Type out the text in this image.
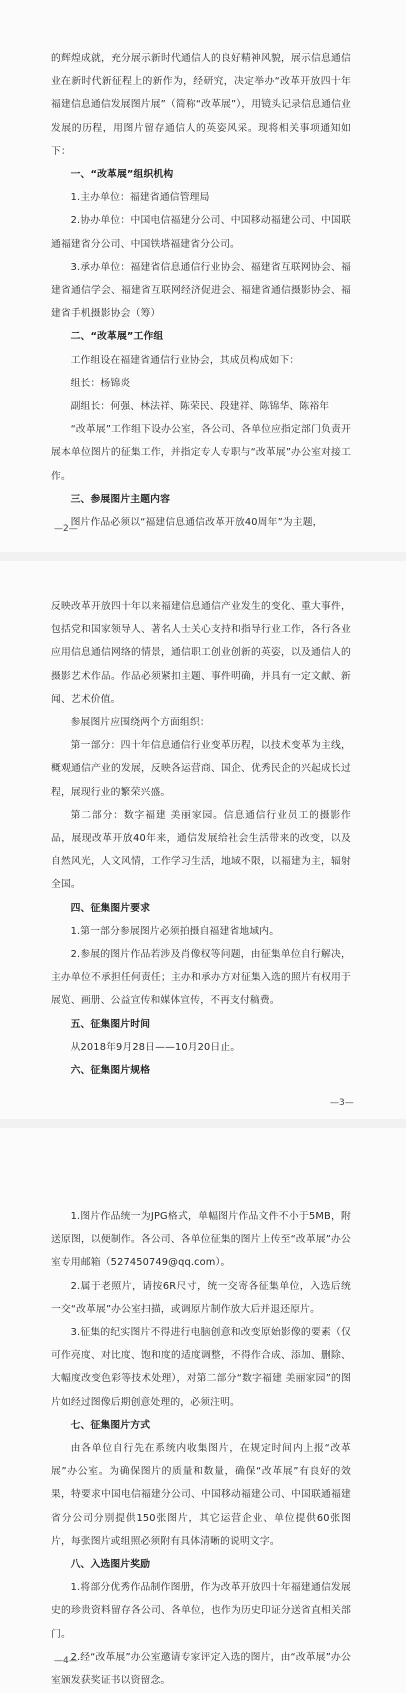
的辉煌成就，充分展示新时代通信人的良好精神风貌，展示信息通信业在新时代新征程上的新作为，经研究，决定举办“改革开放四十年福建信息通信发展图片展”（简称“改革展”），用镜头记录信息通信业发展的历程，用图片留存通信人的英姿风采。现将相关事项通知如下：

一、“改革展”组织机构

1.主办单位：福建省通信管理局

2.协办单位：中国电信福建分公司、中国移动福建公司、中国联通福建省分公司、中国铁塔福建省分公司。

3.承办单位：福建省信息通信行业协会、福建省互联网协会、福建省通信学会、福建省互联网经济促进会、福建省通信摄影协会、福建省手机摄影协会（筹）

二、“改革展”工作组

工作组设在福建省通信行业协会，其成员构成如下：

组长：杨锦炎

副组长：何强、林法祥、陈荣民、段建祥、陈锦华、陈裕年

“改革展”工作组下设办公室，各公司、各单位应指定部门负责开展本单位图片的征集工作，并指定专人专职与“改革展”办公室对接工作。

三、参展图片主题内容

图片作品必须以“福建信息通信改革开放40周年”为主题，

—2—

反映改革开放四十年以来福建信息通信产业发生的变化、重大事件，包括党和国家领导人、著名人士关心支持和指导行业工作，各行各业应用信息通信网络的情景，通信职工创业创新的英姿，以及通信人的摄影艺术作品。作品必须紧扣主题、事件明确，并具有一定文献、新闻、艺术价值。

参展图片应围绕两个方面组织：

第一部分：四十年信息通信行业变革历程，以技术变革为主线，概观通信产业的发展，反映各运营商、国企、优秀民企的兴起成长过程，展现行业的繁荣兴盛。

第二部分：数字福建 美丽家园。信息通信行业员工的摄影作品，展现改革开放40年来，通信发展给社会生活带来的改变，以及自然风光，人文风情，工作学习生活，地域不限，以福建为主，辐射全国。

四、征集图片要求

1.第一部分参展图片必须拍摄自福建省地域内。

2.参展的图片作品若涉及肖像权等问题，由征集单位自行解决，主办单位不承担任何责任；主办和承办方对征集入选的照片有权用于展览、画册、公益宣传和媒体宣传，不再支付稿费。

五、征集图片时间

从2018年9月28日——10月20日止。

六、征集图片规格

—3—

1.图片作品统一为JPG格式，单幅图片作品文件不小于5MB，附送原图，以便制作。各公司、各单位征集的图片上传至“改革展”办公室专用邮箱（527450749@qq.com）。

2.属于老照片，请按6R尺寸，统一交寄各征集单位，入选后统一交“改革展”办公室扫描，或调原片制作放大后并退还原片。

3.征集的纪实图片不得进行电脑创意和改变原始影像的要素（仅可作亮度、对比度、饱和度的适度调整，不得作合成、添加、删除、大幅度改变色彩等技术处理），对第二部分“数字福建 美丽家园”的图片如经过图像后期创意处理的，必须注明。

七、征集图片方式

由各单位自行先在系统内收集图片，在规定时间内上报“改革展”办公室。为确保图片的质量和数量，确保“改革展”有良好的效果，特要求中国电信福建分公司、中国移动福建公司、中国联通福建省分公司分别提供150张图片，其它运营企业、单位提供60张图片，每张图片或组照必须附有具体清晰的说明文字。

八、入选图片奖励

1.将部分优秀作品制作图册，作为改革开放四十年福建通信发展史的珍贵资料留存各公司、各单位，也作为历史印证分送省直相关部门。

2.经“改革展”办公室邀请专家评定入选的图片，由“改革展”办公室颁发获奖证书以资留念。

—4—
